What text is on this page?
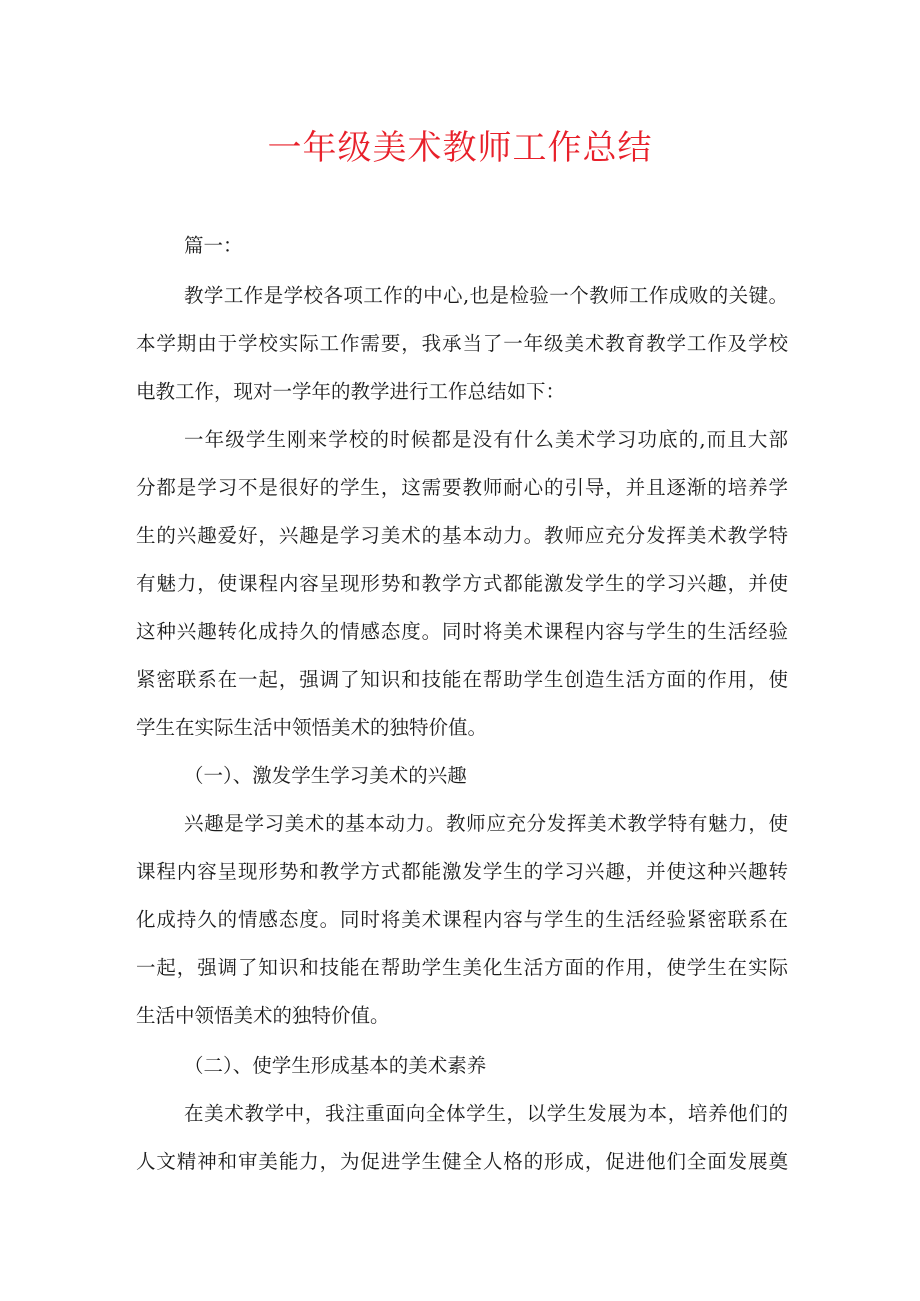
一年级美术教师工作总结
篇一：
教学工作是学校各项工作的中心,也是检验一个教师工作成败的关键。
本学期由于学校实际工作需要，我承当了一年级美术教育教学工作及学校
电教工作，现对一学年的教学进行工作总结如下：
一年级学生刚来学校的时候都是没有什么美术学习功底的,而且大部
分都是学习不是很好的学生，这需要教师耐心的引导，并且逐渐的培养学
生的兴趣爱好，兴趣是学习美术的基本动力。教师应充分发挥美术教学特
有魅力，使课程内容呈现形势和教学方式都能激发学生的学习兴趣，并使
这种兴趣转化成持久的情感态度。同时将美术课程内容与学生的生活经验
紧密联系在一起，强调了知识和技能在帮助学生创造生活方面的作用，使
学生在实际生活中领悟美术的独特价值。
（一）、激发学生学习美术的兴趣
兴趣是学习美术的基本动力。教师应充分发挥美术教学特有魅力，使
课程内容呈现形势和教学方式都能激发学生的学习兴趣，并使这种兴趣转
化成持久的情感态度。同时将美术课程内容与学生的生活经验紧密联系在
一起，强调了知识和技能在帮助学生美化生活方面的作用，使学生在实际
生活中领悟美术的独特价值。
（二）、使学生形成基本的美术素养
在美术教学中，我注重面向全体学生，以学生发展为本，培养他们的
人文精神和审美能力，为促进学生健全人格的形成，促进他们全面发展奠
